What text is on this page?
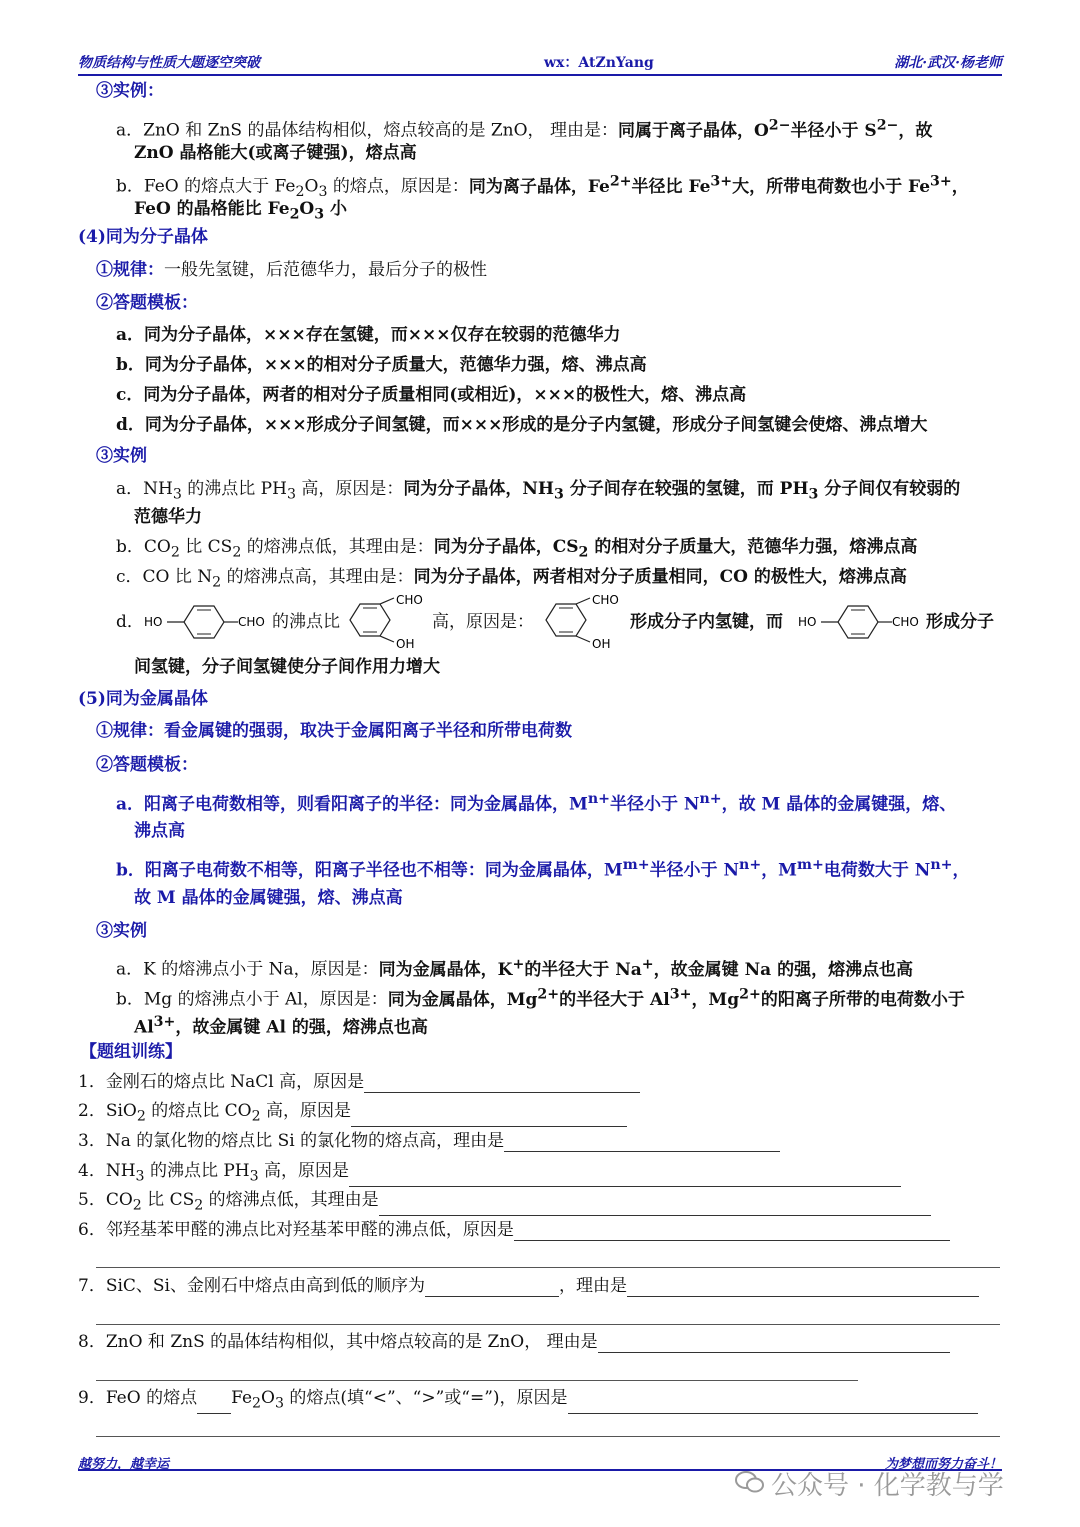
物质结构与性质大题逐空突破	wx：AtZnYang	湖北·武汉·杨老师
③实例：
a．ZnO 和 ZnS 的晶体结构相似，熔点较高的是 ZnO， 理由是：同属于离子晶体，$O^{2-}$半径小于 $S^{2-}$，故
ZnO 晶格能大(或离子键强)，熔点高
b．FeO 的熔点大于 $Fe_2O_3$ 的熔点，原因是：同为离子晶体，$Fe^{2+}$半径比 $Fe^{3+}$大，所带电荷数也小于 $Fe^{3+}$，
FeO 的晶格能比 $Fe_2O_3$ 小
(4)同为分子晶体
①规律：一般先氢键，后范德华力，最后分子的极性
②答题模板：
a．同为分子晶体，×××存在氢键，而×××仅存在较弱的范德华力
b．同为分子晶体，×××的相对分子质量大，范德华力强，熔、沸点高
c．同为分子晶体，两者的相对分子质量相同(或相近)，×××的极性大，熔、沸点高
d．同为分子晶体，×××形成分子间氢键，而×××形成的是分子内氢键，形成分子间氢键会使熔、沸点增大
③实例
a．$NH_3$ 的沸点比 $PH_3$ 高，原因是：同为分子晶体，$NH_3$ 分子间存在较强的氢键，而 $PH_3$ 分子间仅有较弱的
范德华力
b．$CO_2$ 比 $CS_2$ 的熔沸点低，其理由是：同为分子晶体，$CS_2$ 的相对分子质量大，范德华力强，熔沸点高
c．CO 比 $N_2$ 的熔沸点高，其理由是：同为分子晶体，两者相对分子质量相同，CO 的极性大，熔沸点高
d． HO	CHO 的沸点比
CHO
OH
高，原因是：
CHO
OH
形成分子内氢键，而 HO	CHO 形成分子
间氢键，分子间氢键使分子间作用力增大
(5)同为金属晶体
①规律：看金属键的强弱，取决于金属阳离子半径和所带电荷数
②答题模板：
a．阳离子电荷数相等，则看阳离子的半径：同为金属晶体，$M^{n+}$半径小于 $N^{n+}$，故 M 晶体的金属键强，熔、
沸点高
b．阳离子电荷数不相等，阳离子半径也不相等：同为金属晶体，$M^{m+}$半径小于 $N^{n+}$，$M^{m+}$电荷数大于 $N^{n+}$，
故 M 晶体的金属键强，熔、沸点高
③实例
a．K 的熔沸点小于 Na，原因是：同为金属晶体，K+的半径大于 Na+，故金属键 Na 的强，熔沸点也高
b．Mg 的熔沸点小于 Al，原因是：同为金属晶体，$Mg^{2+}$的半径大于 $Al^{3+}$，$Mg^{2+}$的阳离子所带的电荷数小于
$Al^{3+}$，故金属键 Al 的强，熔沸点也高
【题组训练】
1．金刚石的熔点比 NaCl 高，原因是
2．SiO$_2$ 的熔点比 $CO_2$ 高，原因是
3．Na 的氯化物的熔点比 Si 的氯化物的熔点高，理由是
4．$NH_3$ 的沸点比 $PH_3$ 高，原因是
5．$CO_2$ 比 $CS_2$ 的熔沸点低，其理由是
6．邻羟基苯甲醛的沸点比对羟基苯甲醛的沸点低，原因是
7．SiC、Si、金刚石中熔点由高到低的顺序为	，理由是
8．ZnO 和 ZnS 的晶体结构相似，其中熔点较高的是 ZnO， 理由是
9．FeO 的熔点 $Fe_2O_3$ 的熔点(填“<”、“>”或“=”)，原因是
越努力，越幸运	为梦想而努力奋斗！
公众号 · 化学教与学
